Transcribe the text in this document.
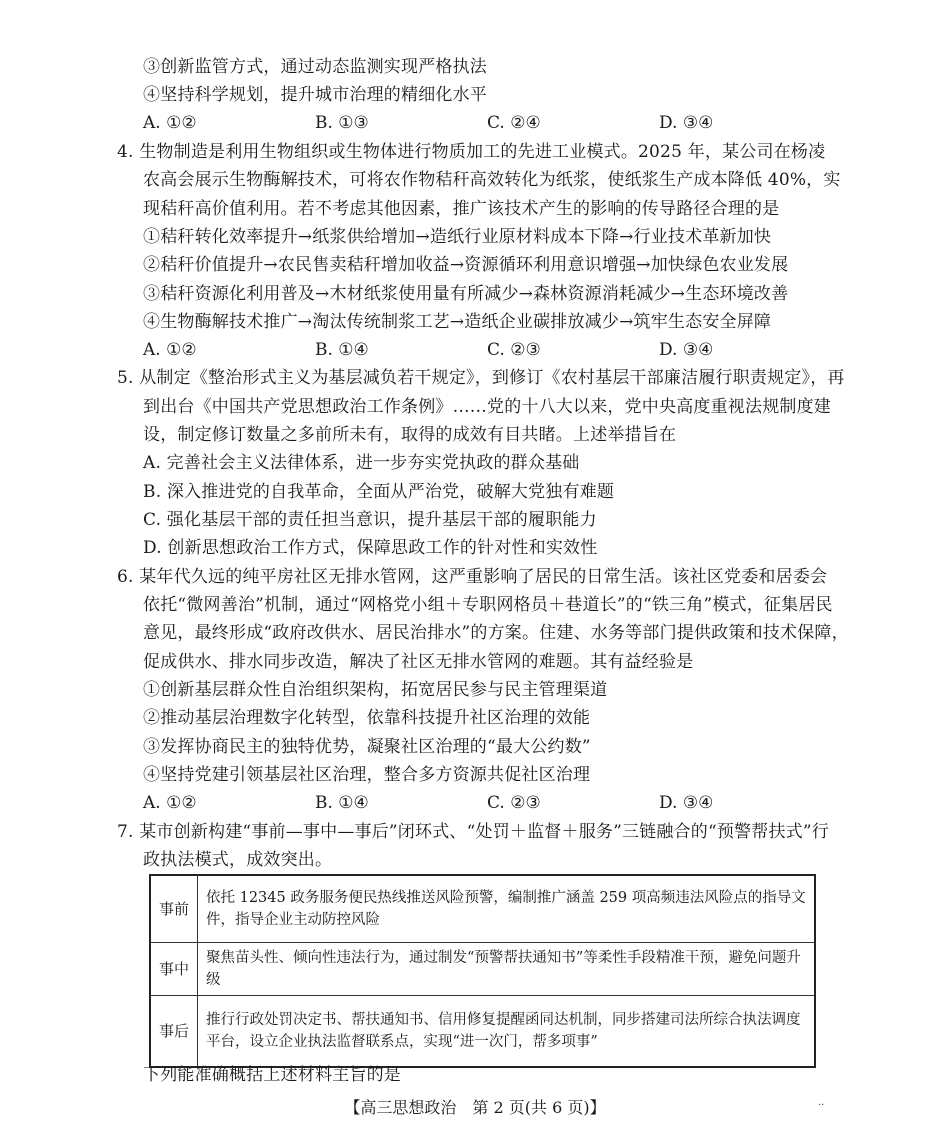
③创新监管方式，通过动态监测实现严格执法
④坚持科学规划，提升城市治理的精细化水平
A. ①②	B. ①③	C. ②④	D. ③④
4. 生物制造是利用生物组织或生物体进行物质加工的先进工业模式。2025 年，某公司在杨凌
农高会展示生物酶解技术，可将农作物秸秆高效转化为纸浆，使纸浆生产成本降低 40%，实
现秸秆高价值利用。若不考虑其他因素，推广该技术产生的影响的传导路径合理的是
①秸秆转化效率提升→纸浆供给增加→造纸行业原材料成本下降→行业技术革新加快
②秸秆价值提升→农民售卖秸秆增加收益→资源循环利用意识增强→加快绿色农业发展
③秸秆资源化利用普及→木材纸浆使用量有所减少→森林资源消耗减少→生态环境改善
④生物酶解技术推广→淘汰传统制浆工艺→造纸企业碳排放减少→筑牢生态安全屏障
A. ①②	B. ①④	C. ②③	D. ③④
5. 从制定《整治形式主义为基层减负若干规定》，到修订《农村基层干部廉洁履行职责规定》，再
到出台《中国共产党思想政治工作条例》……党的十八大以来，党中央高度重视法规制度建
设，制定修订数量之多前所未有，取得的成效有目共睹。上述举措旨在
A. 完善社会主义法律体系，进一步夯实党执政的群众基础
B. 深入推进党的自我革命，全面从严治党，破解大党独有难题
C. 强化基层干部的责任担当意识，提升基层干部的履职能力
D. 创新思想政治工作方式，保障思政工作的针对性和实效性
6. 某年代久远的纯平房社区无排水管网，这严重影响了居民的日常生活。该社区党委和居委会
依托“微网善治”机制，通过“网格党小组＋专职网格员＋巷道长”的“铁三角”模式，征集居民
意见，最终形成“政府改供水、居民治排水”的方案。住建、水务等部门提供政策和技术保障，
促成供水、排水同步改造，解决了社区无排水管网的难题。其有益经验是
①创新基层群众性自治组织架构，拓宽居民参与民主管理渠道
②推动基层治理数字化转型，依靠科技提升社区治理的效能
③发挥协商民主的独特优势，凝聚社区治理的“最大公约数”
④坚持党建引领基层社区治理，整合多方资源共促社区治理
A. ①②	B. ①④	C. ②③	D. ③④
7. 某市创新构建“事前—事中—事后”闭环式、“处罚＋监督＋服务”三链融合的“预警帮扶式”行
政执法模式，成效突出。
事前	依托 12345 政务服务便民热线推送风险预警，编制推广涵盖 259 项高频违法风险点的指导文件，指导企业主动防控风险
事中	聚焦苗头性、倾向性违法行为，通过制发“预警帮扶通知书”等柔性手段精准干预，避免问题升级
事后	推行行政处罚决定书、帮扶通知书、信用修复提醒函同达机制，同步搭建司法所综合执法调度平台，设立企业执法监督联系点，实现“进一次门，帮多项事”
下列能准确概括上述材料主旨的是
【高三思想政治　第 2 页(共 6 页)】	··
